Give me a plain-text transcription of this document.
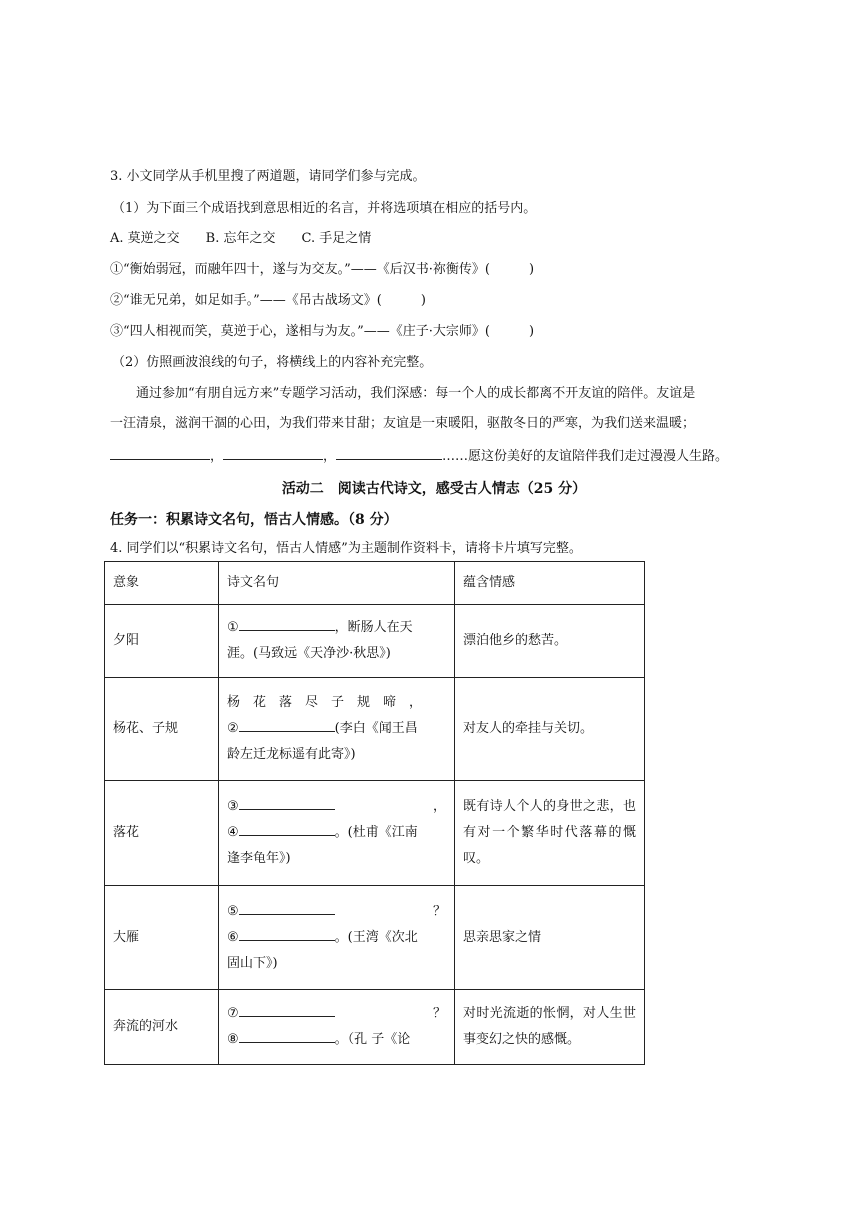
3. 小文同学从手机里搜了两道题，请同学们参与完成。
（1）为下面三个成语找到意思相近的名言，并将选项填在相应的括号内。
A. 莫逆之交　　B. 忘年之交　　C. 手足之情
①“衡始弱冠，而融年四十，遂与为交友。”——《后汉书·祢衡传》(　　　)
②“谁无兄弟，如足如手。”——《吊古战场文》(　　　)
③“四人相视而笑，莫逆于心，遂相与为友。”——《庄子·大宗师》(　　　)
（2）仿照画波浪线的句子，将横线上的内容补充完整。
通过参加“有朋自远方来”专题学习活动，我们深感：每一个人的成长都离不开友谊的陪伴。友谊是
一汪清泉，滋润干涸的心田，为我们带来甘甜；友谊是一束暖阳，驱散冬日的严寒，为我们送来温暖；
，	，	……愿这份美好的友谊陪伴我们走过漫漫人生路。
活动二　阅读古代诗文，感受古人情志（25 分）
任务一：积累诗文名句，悟古人情感。（8 分）
4. 同学们以“积累诗文名句，悟古人情感”为主题制作资料卡，请将卡片填写完整。
意象	诗文名句	蕴含情感
夕阳	① ，断肠人在天
涯。(马致远《天净沙·秋思》)	漂泊他乡的愁苦。
杨花、子规	杨　花　落　尽　子　规　啼　，
② (李白《闻王昌
龄左迁龙标遥有此寄》)	对友人的牵挂与关切。
落花	③ ，
④ 。(杜甫《江南
逢李龟年》)	既有诗人个人的身世之悲，也有对一个繁华时代落幕的慨叹。
大雁	⑤ ？
⑥ 。(王湾《次北
固山下》)	思亲思家之情
奔流的河水	⑦ ？
⑧ 。（孔 子《论	对时光流逝的怅惘，对人生世事变幻之快的感慨。
